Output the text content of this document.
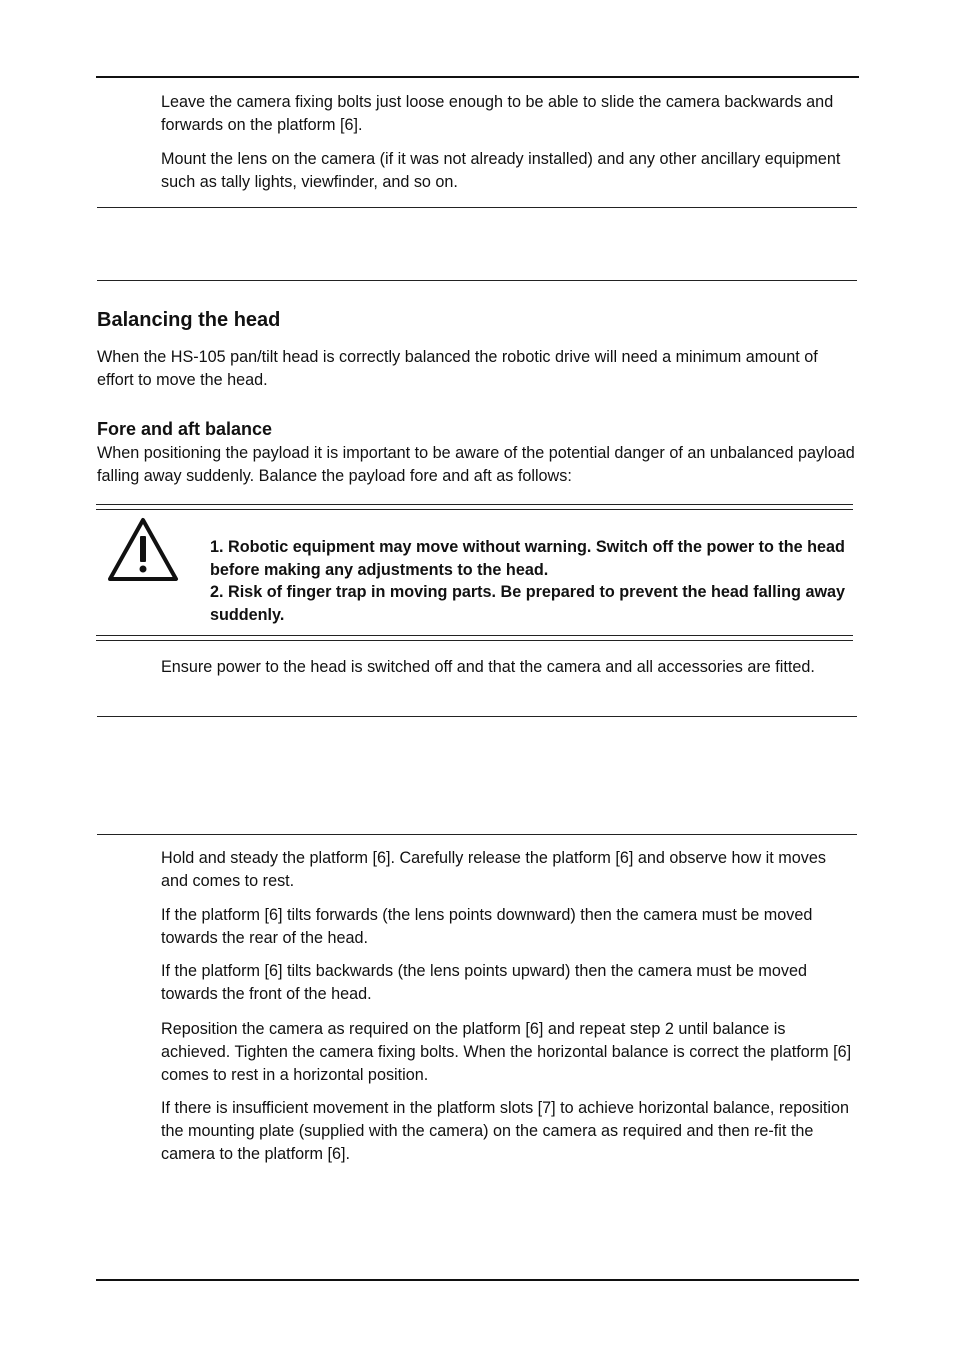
Leave the camera fixing bolts just loose enough to be able to slide the camera backwards and forwards on the platform [6].

Mount the lens on the camera (if it was not already installed) and any other ancillary equipment such as tally lights, viewfinder, and so on.

Balancing the head

When the HS-105 pan/tilt head is correctly balanced the robotic drive will need a minimum amount of effort to move the head.

Fore and aft balance

When positioning the payload it is important to be aware of the potential danger of an unbalanced payload falling away suddenly. Balance the payload fore and aft as follows:

1. Robotic equipment may move without warning. Switch off the power to the head before making any adjustments to the head.

2. Risk of finger trap in moving parts. Be prepared to prevent the head falling away suddenly.

Ensure power to the head is switched off and that the camera and all accessories are fitted.

Hold and steady the platform [6]. Carefully release the platform [6] and observe how it moves and comes to rest.

If the platform [6] tilts forwards (the lens points downward) then the camera must be moved towards the rear of the head.

If the platform [6] tilts backwards (the lens points upward) then the camera must be moved towards the front of the head.

Reposition the camera as required on the platform [6] and repeat step 2 until balance is achieved. Tighten the camera fixing bolts. When the horizontal balance is correct the platform [6] comes to rest in a horizontal position.

If there is insufficient movement in the platform slots [7] to achieve horizontal balance, reposition the mounting plate (supplied with the camera) on the camera as required and then re-fit the camera to the platform [6].
